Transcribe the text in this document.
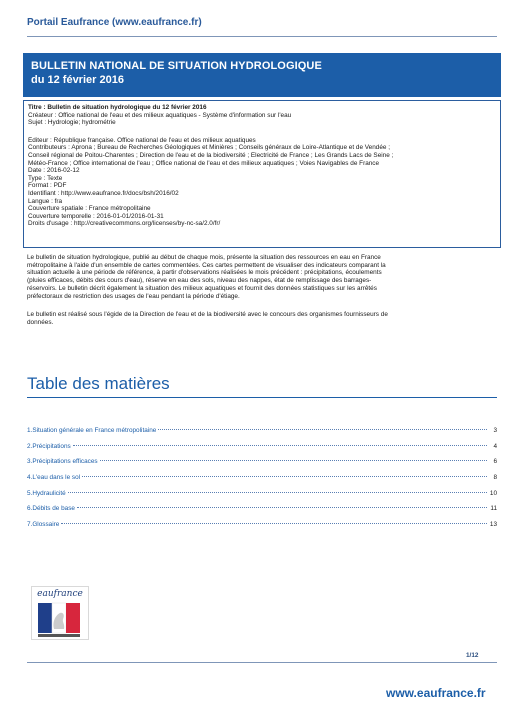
Portail Eaufrance (www.eaufrance.fr)
BULLETIN NATIONAL DE SITUATION HYDROLOGIQUE
du 12 février 2016
Titre : Bulletin de situation hydrologique du 12 février 2016
Créateur : Office national de l'eau et des milieux aquatiques - Système d'information sur l'eau
Sujet : Hydrologie; hydrométrie
Éditeur : République française. Office national de l'eau et des milieux aquatiques
Contributeurs : Aprona ; Bureau de Recherches Géologiques et Minières ; Conseils généraux de Loire-Atlantique et de Vendée ;
Conseil régional de Poitou-Charentes ; Direction de l'eau et de la biodiversité ; Electricité de France ; Les Grands Lacs de Seine ;
Météo-France ; Office international de l'eau ; Office national de l'eau et des milieux aquatiques ; Voies Navigables de France
Date : 2016-02-12
Type : Texte
Format : PDF
Identifiant : http://www.eaufrance.fr/docs/bsh/2016/02
Langue : fra
Couverture spatiale : France métropolitaine
Couverture temporelle : 2016-01-01/2016-01-31
Droits d'usage : http://creativecommons.org/licenses/by-nc-sa/2.0/fr/
Le bulletin de situation hydrologique, publié au début de chaque mois, présente la situation des ressources en eau en France
métropolitaine à l'aide d'un ensemble de cartes commentées. Ces cartes permettent de visualiser des indicateurs comparant la
situation actuelle à une période de référence, à partir d'observations réalisées le mois précédent : précipitations, écoulements
(pluies efficaces, débits des cours d'eau), réserve en eau des sols, niveau des nappes, état de remplissage des barrages-
réservoirs. Le bulletin décrit également la situation des milieux aquatiques et fournit des données statistiques sur les arrêtés
préfectoraux de restriction des usages de l'eau pendant la période d'étiage.
Le bulletin est réalisé sous l'égide de la Direction de l'eau et de la biodiversité avec le concours des organismes fournisseurs de
données.
Table des matières
1.Situation générale en France métropolitaine	3
2.Précipitations	4
3.Précipitations efficaces	6
4.L'eau dans le sol	8
5.Hydraulicité	10
6.Débits de base	11
7.Glossaire	13
eaufrance
1/12
www.eaufrance.fr
